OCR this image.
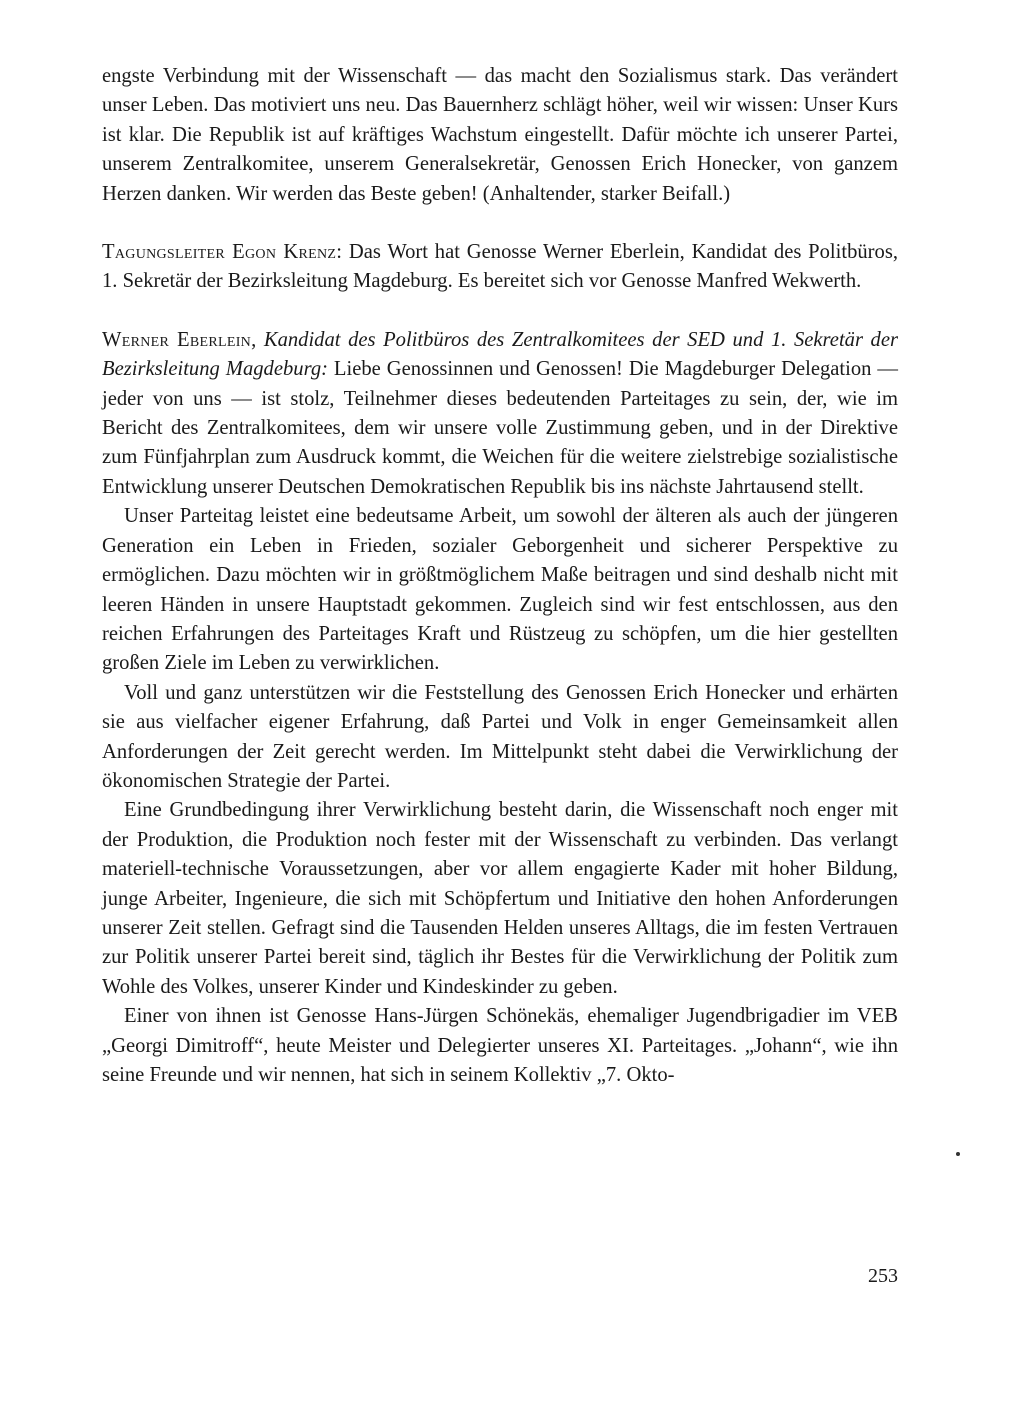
engste Verbindung mit der Wissenschaft — das macht den Sozialismus stark. Das verändert unser Leben. Das motiviert uns neu. Das Bauernherz schlägt höher, weil wir wissen: Unser Kurs ist klar. Die Republik ist auf kräftiges Wachstum eingestellt. Dafür möchte ich unserer Partei, unserem Zentralkomitee, unserem Generalsekretär, Genossen Erich Honecker, von ganzem Herzen danken. Wir werden das Beste geben! (Anhaltender, starker Beifall.)

Tagungsleiter Egon Krenz: Das Wort hat Genosse Werner Eberlein, Kandidat des Politbüros, 1. Sekretär der Bezirksleitung Magdeburg. Es bereitet sich vor Genosse Manfred Wekwerth.

Werner Eberlein, Kandidat des Politbüros des Zentralkomitees der SED und 1. Sekretär der Bezirksleitung Magdeburg: Liebe Genossinnen und Genossen! Die Magdeburger Delegation — jeder von uns — ist stolz, Teilnehmer dieses bedeutenden Parteitages zu sein, der, wie im Bericht des Zentralkomitees, dem wir unsere volle Zustimmung geben, und in der Direktive zum Fünfjahrplan zum Ausdruck kommt, die Weichen für die weitere zielstrebige sozialistische Entwicklung unserer Deutschen Demokratischen Republik bis ins nächste Jahrtausend stellt.

Unser Parteitag leistet eine bedeutsame Arbeit, um sowohl der älteren als auch der jüngeren Generation ein Leben in Frieden, sozialer Geborgenheit und sicherer Perspektive zu ermöglichen. Dazu möchten wir in größtmöglichem Maße beitragen und sind deshalb nicht mit leeren Händen in unsere Hauptstadt gekommen. Zugleich sind wir fest entschlossen, aus den reichen Erfahrungen des Parteitages Kraft und Rüstzeug zu schöpfen, um die hier gestellten großen Ziele im Leben zu verwirklichen.

Voll und ganz unterstützen wir die Feststellung des Genossen Erich Honecker und erhärten sie aus vielfacher eigener Erfahrung, daß Partei und Volk in enger Gemeinsamkeit allen Anforderungen der Zeit gerecht werden. Im Mittelpunkt steht dabei die Verwirklichung der ökonomischen Strategie der Partei.

Eine Grundbedingung ihrer Verwirklichung besteht darin, die Wissenschaft noch enger mit der Produktion, die Produktion noch fester mit der Wissenschaft zu verbinden. Das verlangt materiell-technische Voraussetzungen, aber vor allem engagierte Kader mit hoher Bildung, junge Arbeiter, Ingenieure, die sich mit Schöpfertum und Initiative den hohen Anforderungen unserer Zeit stellen. Gefragt sind die Tausenden Helden unseres Alltags, die im festen Vertrauen zur Politik unserer Partei bereit sind, täglich ihr Bestes für die Verwirklichung der Politik zum Wohle des Volkes, unserer Kinder und Kindeskinder zu geben.

Einer von ihnen ist Genosse Hans-Jürgen Schönekäs, ehemaliger Jugendbrigadier im VEB „Georgi Dimitroff“, heute Meister und Delegierter unseres XI. Parteitages. „Johann“, wie ihn seine Freunde und wir nennen, hat sich in seinem Kollektiv „7. Okto-

253
